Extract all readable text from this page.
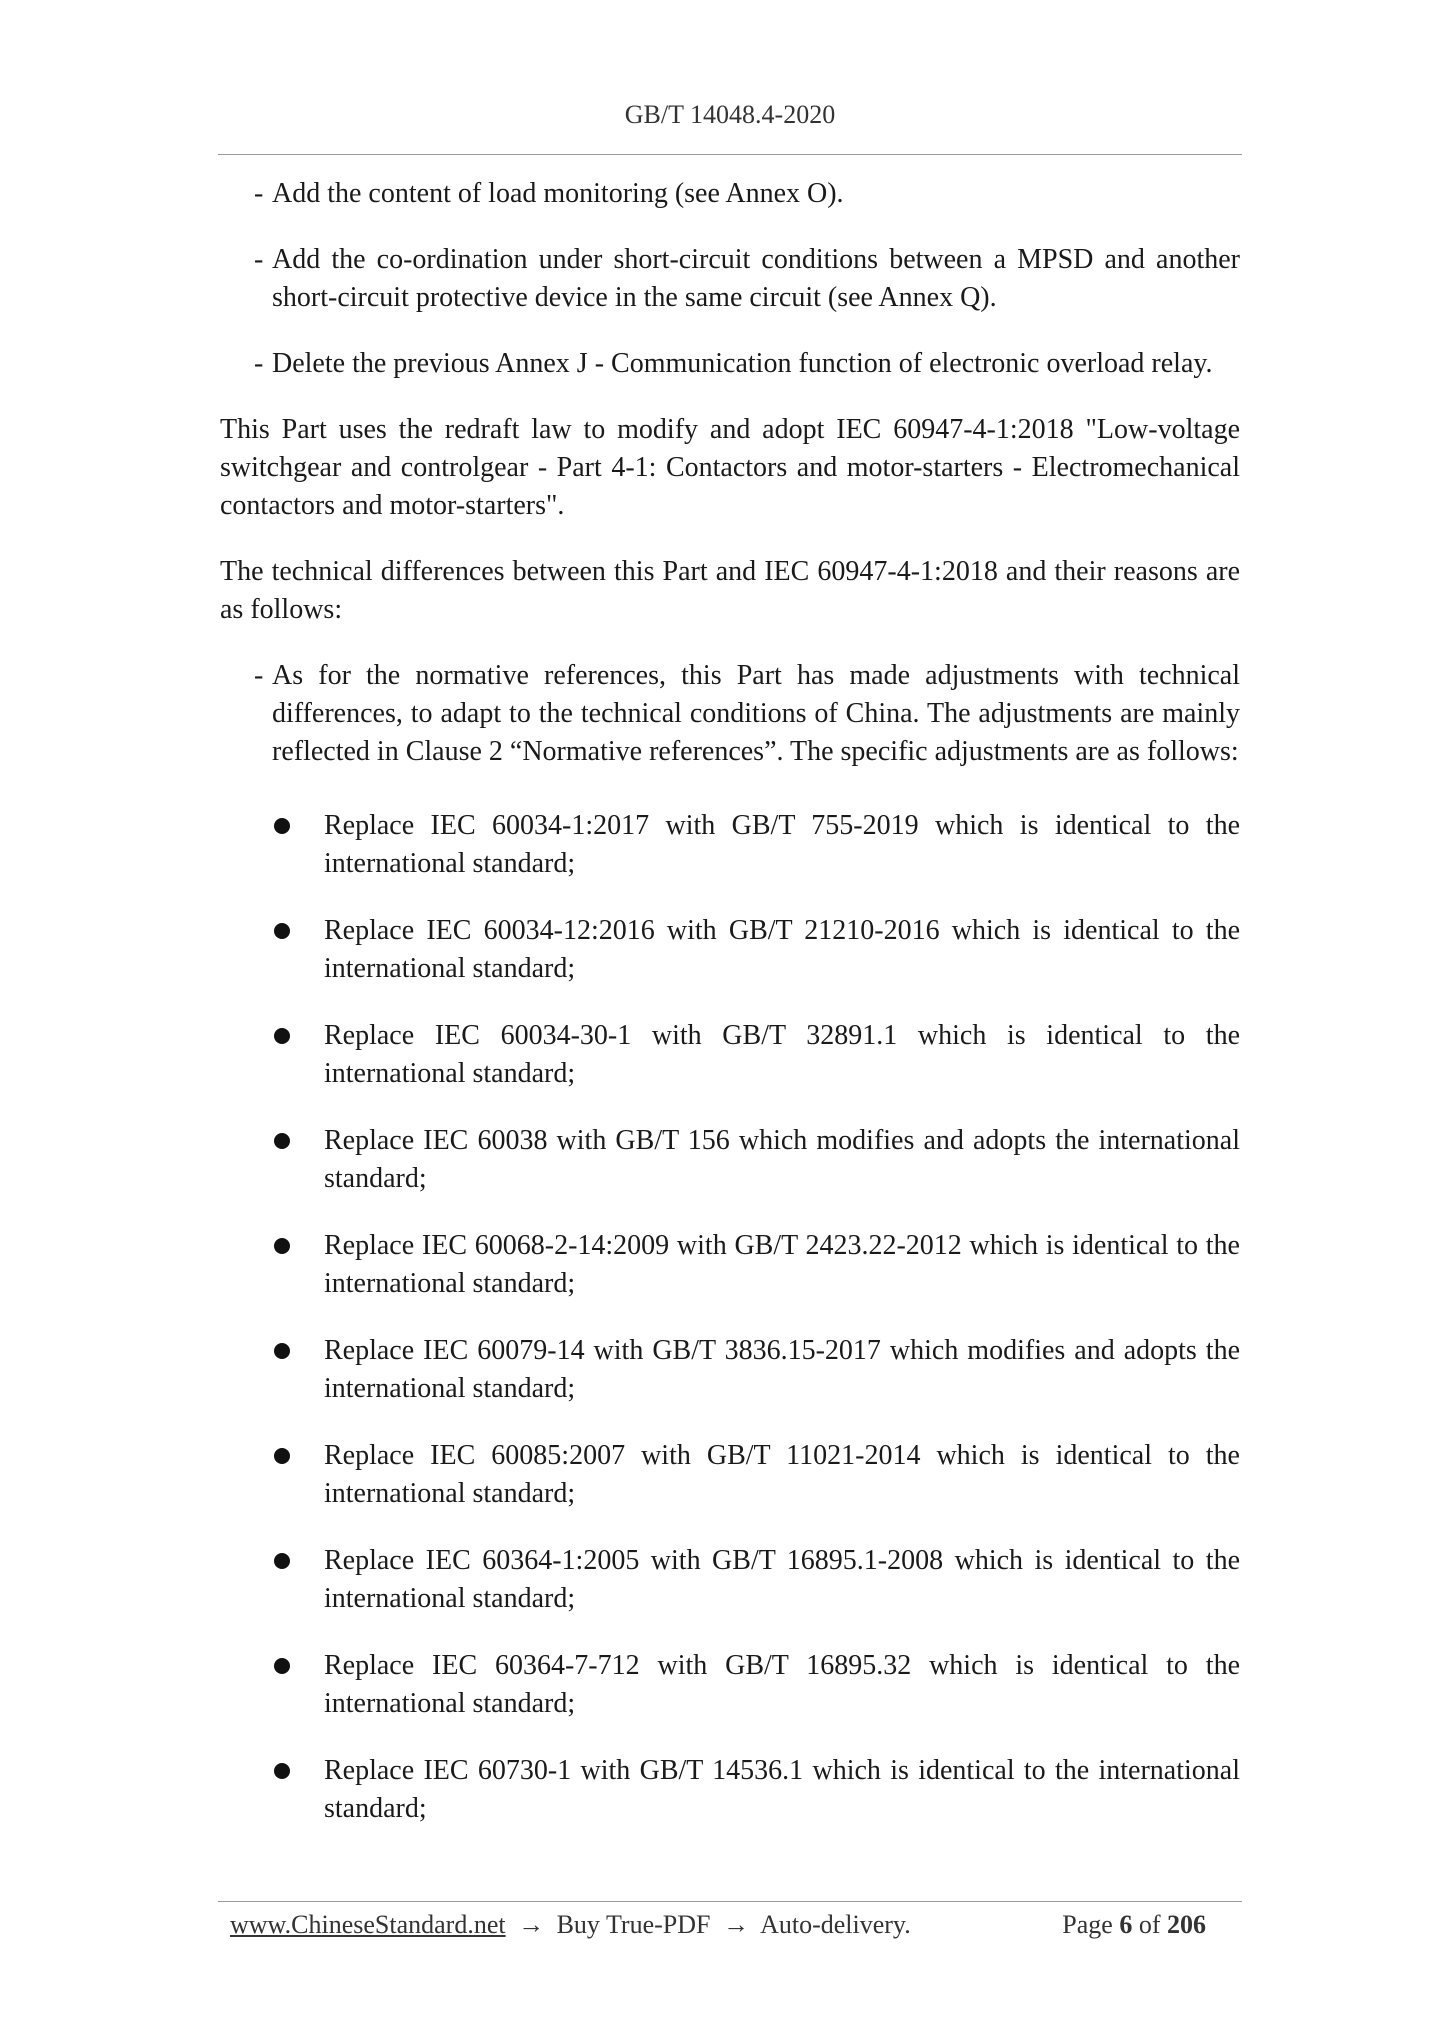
GB/T 14048.4-2020
- Add the content of load monitoring (see Annex O).
- Add the co-ordination under short-circuit conditions between a MPSD and another short-circuit protective device in the same circuit (see Annex Q).
- Delete the previous Annex J - Communication function of electronic overload relay.
This Part uses the redraft law to modify and adopt IEC 60947-4-1:2018 "Low-voltage switchgear and controlgear - Part 4-1: Contactors and motor-starters - Electromechanical contactors and motor-starters".
The technical differences between this Part and IEC 60947-4-1:2018 and their reasons are as follows:
- As for the normative references, this Part has made adjustments with technical differences, to adapt to the technical conditions of China. The adjustments are mainly reflected in Clause 2 “Normative references”. The specific adjustments are as follows:
Replace IEC 60034-1:2017 with GB/T 755-2019 which is identical to the international standard;
Replace IEC 60034-12:2016 with GB/T 21210-2016 which is identical to the international standard;
Replace IEC 60034-30-1 with GB/T 32891.1 which is identical to the international standard;
Replace IEC 60038 with GB/T 156 which modifies and adopts the international standard;
Replace IEC 60068-2-14:2009 with GB/T 2423.22-2012 which is identical to the international standard;
Replace IEC 60079-14 with GB/T 3836.15-2017 which modifies and adopts the international standard;
Replace IEC 60085:2007 with GB/T 11021-2014 which is identical to the international standard;
Replace IEC 60364-1:2005 with GB/T 16895.1-2008 which is identical to the international standard;
Replace IEC 60364-7-712 with GB/T 16895.32 which is identical to the international standard;
Replace IEC 60730-1 with GB/T 14536.1 which is identical to the international standard;
www.ChineseStandard.net → Buy True-PDF → Auto-delivery.	Page 6 of 206
